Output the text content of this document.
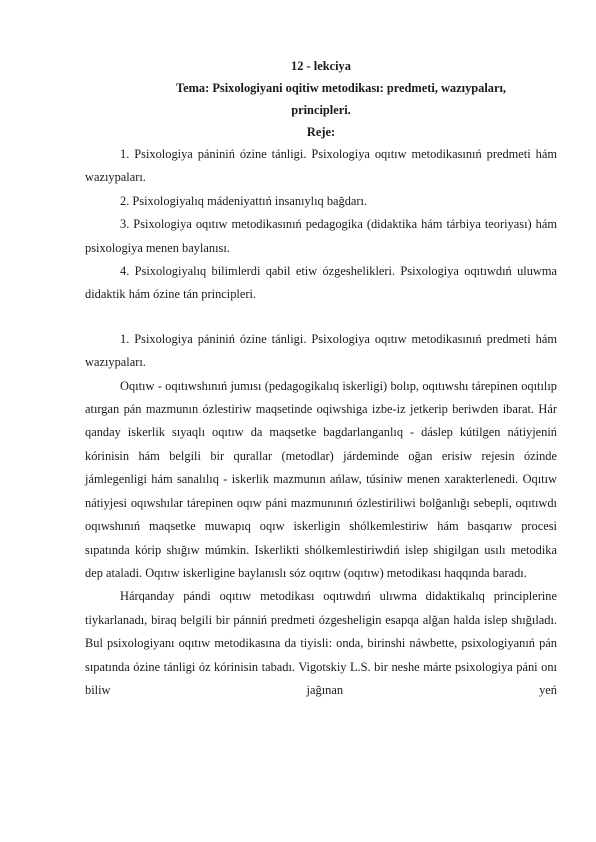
12 - lekciya
Tema: Psixologiyani oqitiw metodikası: predmeti, wazıypaları,
principleri.
Reje:

1. Psixologiya pániniń ózine tánligi. Psixologiya oqıtıw metodikasınıń predmeti hám wazıypaları.

2. Psixologiyalıq mádeniyattıń insanıylıq bağdarı.

3. Psixologiya oqıtıw metodikasınıń pedagogika (didaktika hám tárbiya teoriyası) hám psixologiya menen baylanısı.

4. Psixologiyalıq bilimlerdi qabil etiw ózgeshelikleri. Psixologiya oqıtıwdıń uluwma didaktik hám ózine tán principleri.

1. Psixologiya pániniń ózine tánligi. Psixologiya oqıtıw metodikasınıń predmeti hám wazıypaları.

Oqıtıw - oqıtıwshınıń jumısı (pedagogikalıq iskerligi) bolıp, oqıtıwshı tárepinen oqıtılıp atırgan pán mazmunın ózlestiriw maqsetinde oqiwshiga izbe-iz jetkerip beriwden ibarat. Hár qanday iskerlik sıyaqlı oqıtıw da maqsetke bagdarlanganlıq - dáslep kútilgen nátiyjeniń kórinisin hám belgili bir qurallar (metodlar) járdeminde oğan erisiw rejesin ózinde jámlegenligi hám sanalılıq - iskerlik mazmunın ańlaw, túsiniw menen xarakterlenedi. Oqıtıw nátiyjesi oqıwshılar tárepinen oqıw páni mazmunınıń ózlestiriliwi bolğanlığı sebepli, oqıtıwdı oqıwshınıń maqsetke muwapıq oqıw iskerligin shólkemlestiriw hám basqarıw procesi sıpatında kórip shığıw múmkin. Iskerlikti shólkemlestiriwdiń islep shigilgan usılı metodika dep ataladi. Oqıtıw iskerligine baylanıslı sóz oqıtıw (oqıtıw) metodikası haqqında baradı.

Hárqanday pándi oqıtıw metodikası oqıtıwdıń ulıwma didaktikalıq principlerine tiykarlanadı, biraq belgili bir pánniń predmeti ózgesheligin esapqa alğan halda islep shığıladı. Bul psixologiyanı oqıtıw metodikasına da tiyisli: onda, birinshi náwbette, psixologiyanıń pán sıpatında ózine tánligi óz kórinisin tabadı. Vigotskiy L.S. bir neshe márte psixologiya páni onı biliw jağınan yeń
